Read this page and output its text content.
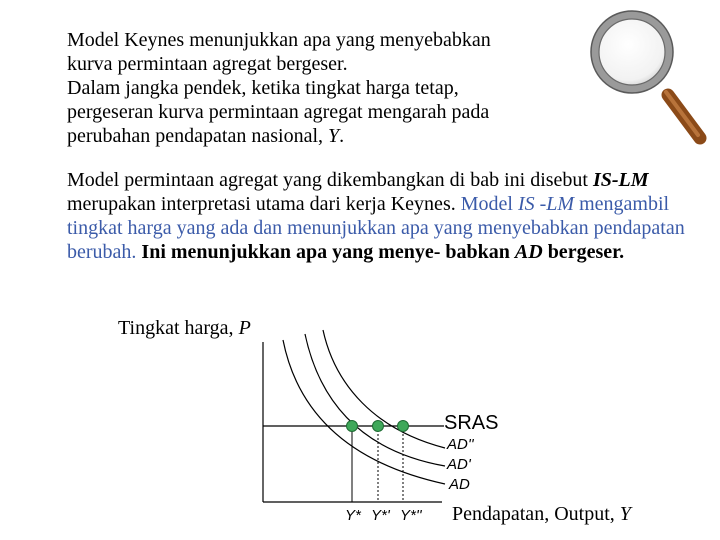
Model Keynes menunjukkan apa yang menyebabkan
kurva permintaan agregat bergeser.
Dalam jangka pendek, ketika tingkat harga tetap,
pergeseran kurva permintaan agregat mengarah pada
perubahan pendapatan nasional, Y.
Model permintaan agregat yang dikembangkan di bab ini disebut IS-LM merupakan interpretasi utama dari kerja Keynes. Model IS -LM mengambil tingkat harga yang ada dan menunjukkan apa yang menyebabkan pendapatan berubah. Ini menunjukkan apa yang menye- babkan AD bergeser.
Tingkat harga, P
SRAS
AD''
AD'
AD
Y* Y*' Y*'' Pendapatan, Output, Y
